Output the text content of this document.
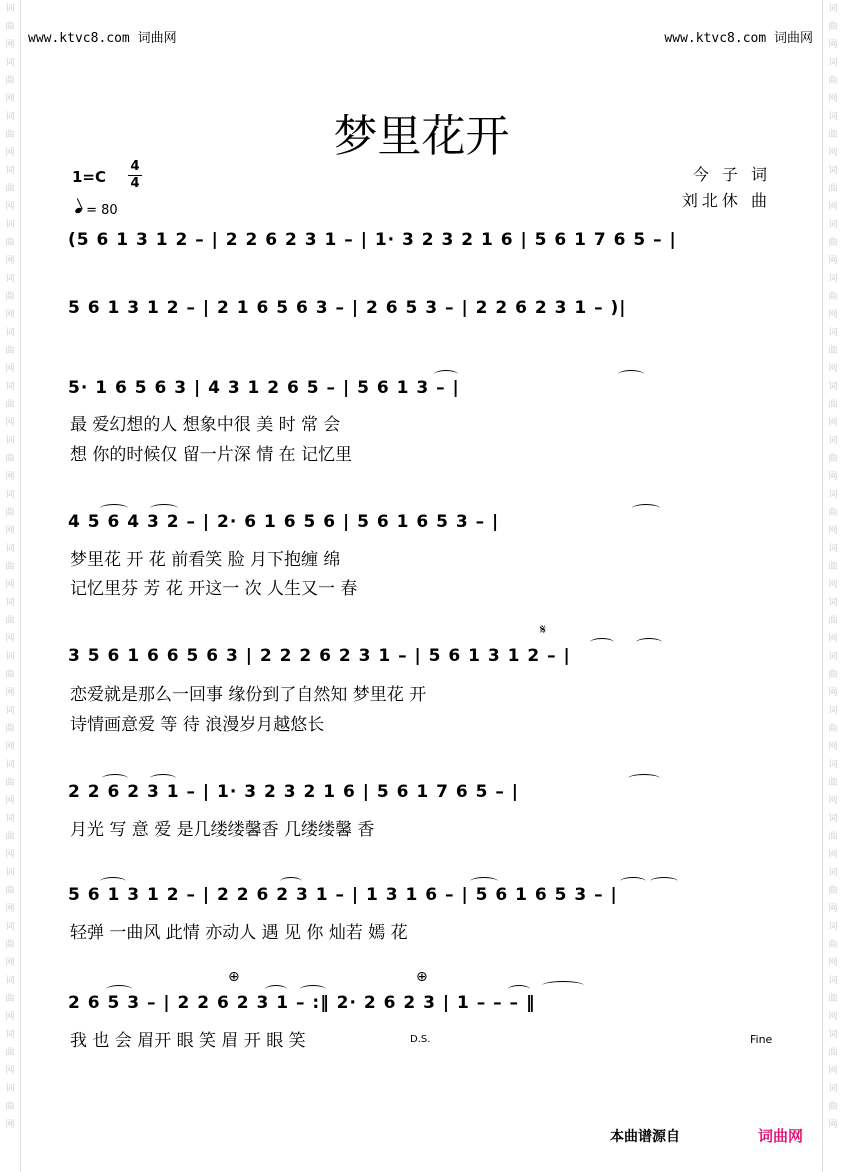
词
曲
网
词
曲
网
词
曲
网
词
曲
网
词
曲
网
词
曲
网
词
曲
网
词
曲
网
词
曲
网
词
曲
网
词
曲
网
词
曲
网
词
曲
网
词
曲
网
词
曲
网
词
曲
网
词
曲
网
词
曲
网
词
曲
网
词
曲
网
词
曲
网
词
曲
网
词
曲
网
词
曲
网
词
曲
网
词
曲
网
词
曲
网
词
曲
网
词
曲
网
词
曲
网
词
曲
网
词
曲
网
词
曲
网
词
曲
网
词
曲
网
词
曲
网
词
曲
网
词
曲
网
词
曲
网
词
曲
网
词
曲
网
词
曲
网
www.ktvc8.com 词曲网	www.ktvc8.com 词曲网
梦里花开
1=C
4
4
= 80
今 子 词
刘北休 曲
(5 6 1 3 1 2 – | 2 2 6 2 3 1 – | 1· 3 2 3 2 1 6 | 5 6 1 7 6 5 – |
5 6 1 3 1 2 – | 2 1 6 5 6 3 – | 2 6 5 3 – | 2 2 6 2 3 1 – )|
5· 1 6 5 6 3 | 4 3 1 2 6 5 – | 5 6 1 3 – |
最 爱幻想的人 想象中很 美 时 常 会
想 你的时候仅 留一片深 情 在 记忆里
4 5 6 4 3 2 – | 2· 6 1 6 5 6 | 5 6 1 6 5 3 – |
梦里花 开 花 前看笑 脸 月下抱缠 绵
记忆里芬 芳 花 开这一 次 人生又一 春
𝄋
3 5 6 1 6 6 5 6 3 | 2 2 2 6 2 3 1 – | 5 6 1 3 1 2 – |
恋爱就是那么一回事 缘份到了自然知 梦里花 开
诗情画意爱 等 待 浪漫岁月越悠长
2 2 6 2 3 1 – | 1· 3 2 3 2 1 6 | 5 6 1 7 6 5 – |
月光 写 意 爱 是几缕缕馨香 几缕缕馨 香
5 6 1 3 1 2 – | 2 2 6 2 3 1 – | 1 3 1 6 – | 5 6 1 6 5 3 – |
轻弹 一曲风 此情 亦动人 遇 见 你 灿若 嫣 花
⊕	⊕
2 6 5 3 – | 2 2 6 2 3 1 – :‖ 2· 2 6 2 3 | 1 – – – ‖
我 也 会 眉开 眼 笑 眉 开 眼 笑	D.S.	Fine
本曲谱源自	词曲网
